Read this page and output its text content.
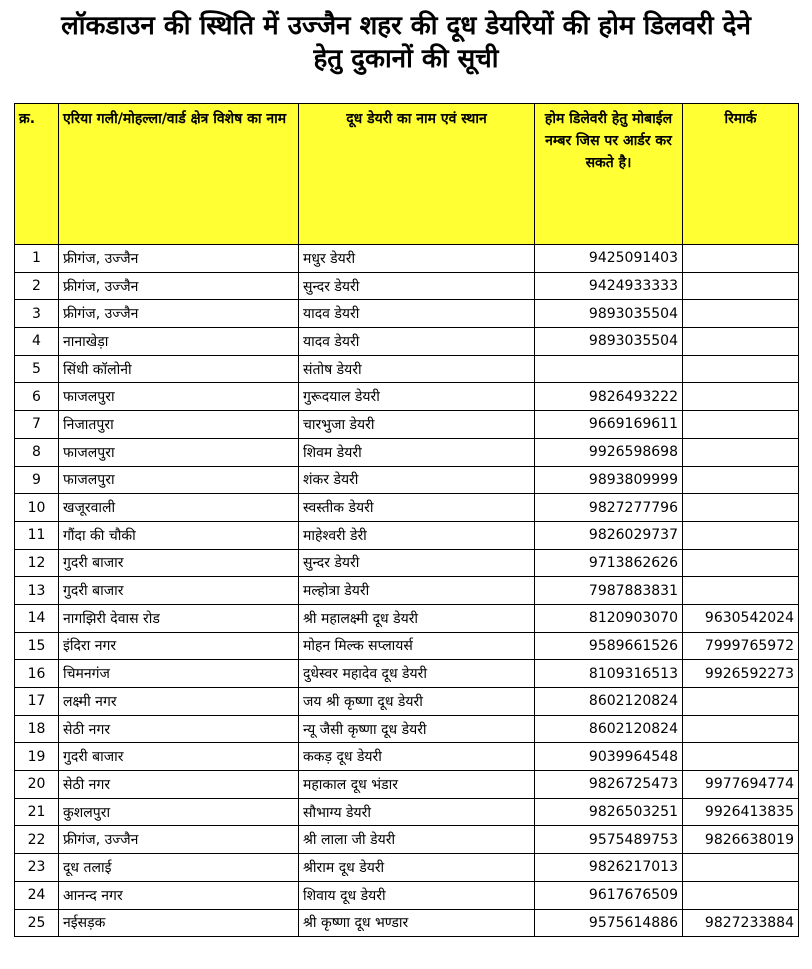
लॉकडाउन की स्थिति में उज्जैन शहर की दूध डेयरियों की होम डिलवरी देने
हेतु दुकानों की सूची
क्र.	एरिया गली/मोहल्ला/वार्ड क्षेत्र विशेष का नाम	दूध डेयरी का नाम एवं स्थान	होम डिलेवरी हेतु मोबाईल नम्बर जिस पर आर्डर कर सकते है।	रिमार्क
1	फ्रीगंज, उज्जैन	मधुर डेयरी	9425091403	
2	फ्रीगंज, उज्जैन	सुन्दर डेयरी	9424933333	
3	फ्रीगंज, उज्जैन	यादव डेयरी	9893035504	
4	नानाखेड़ा	यादव डेयरी	9893035504	
5	सिंधी कॉलोनी	संतोष डेयरी		
6	फाजलपुरा	गुरूदयाल डेयरी	9826493222	
7	निजातपुरा	चारभुजा डेयरी	9669169611	
8	फाजलपुरा	शिवम डेयरी	9926598698	
9	फाजलपुरा	शंकर डेयरी	9893809999	
10	खजूरवाली	स्वस्तीक डेयरी	9827277796	
11	गौंदा की चौकी	माहेश्वरी डेरी	9826029737	
12	गुदरी बाजार	सुन्दर डेयरी	9713862626	
13	गुदरी बाजार	मल्होत्रा डेयरी	7987883831	
14	नागझिरी देवास रोड	श्री महालक्ष्मी दूध डेयरी	8120903070	9630542024
15	इंदिरा नगर	मोहन मिल्क सप्लायर्स	9589661526	7999765972
16	चिमनगंज	दुधेस्वर महादेव दूध डेयरी	8109316513	9926592273
17	लक्ष्मी नगर	जय श्री कृष्णा दूध डेयरी	8602120824	
18	सेठी नगर	न्यू जैसी कृष्णा दूध डेयरी	8602120824	
19	गुदरी बाजार	ककड़ दूध डेयरी	9039964548	
20	सेठी नगर	महाकाल दूध भंडार	9826725473	9977694774
21	कुशलपुरा	सौभाग्य डेयरी	9826503251	9926413835
22	फ्रीगंज, उज्जैन	श्री लाला जी डेयरी	9575489753	9826638019
23	दूध तलाई	श्रीराम दूध डेयरी	9826217013	
24	आनन्द नगर	शिवाय दूध डेयरी	9617676509	
25	नईसड़क	श्री कृष्णा दूध भण्डार	9575614886	9827233884
